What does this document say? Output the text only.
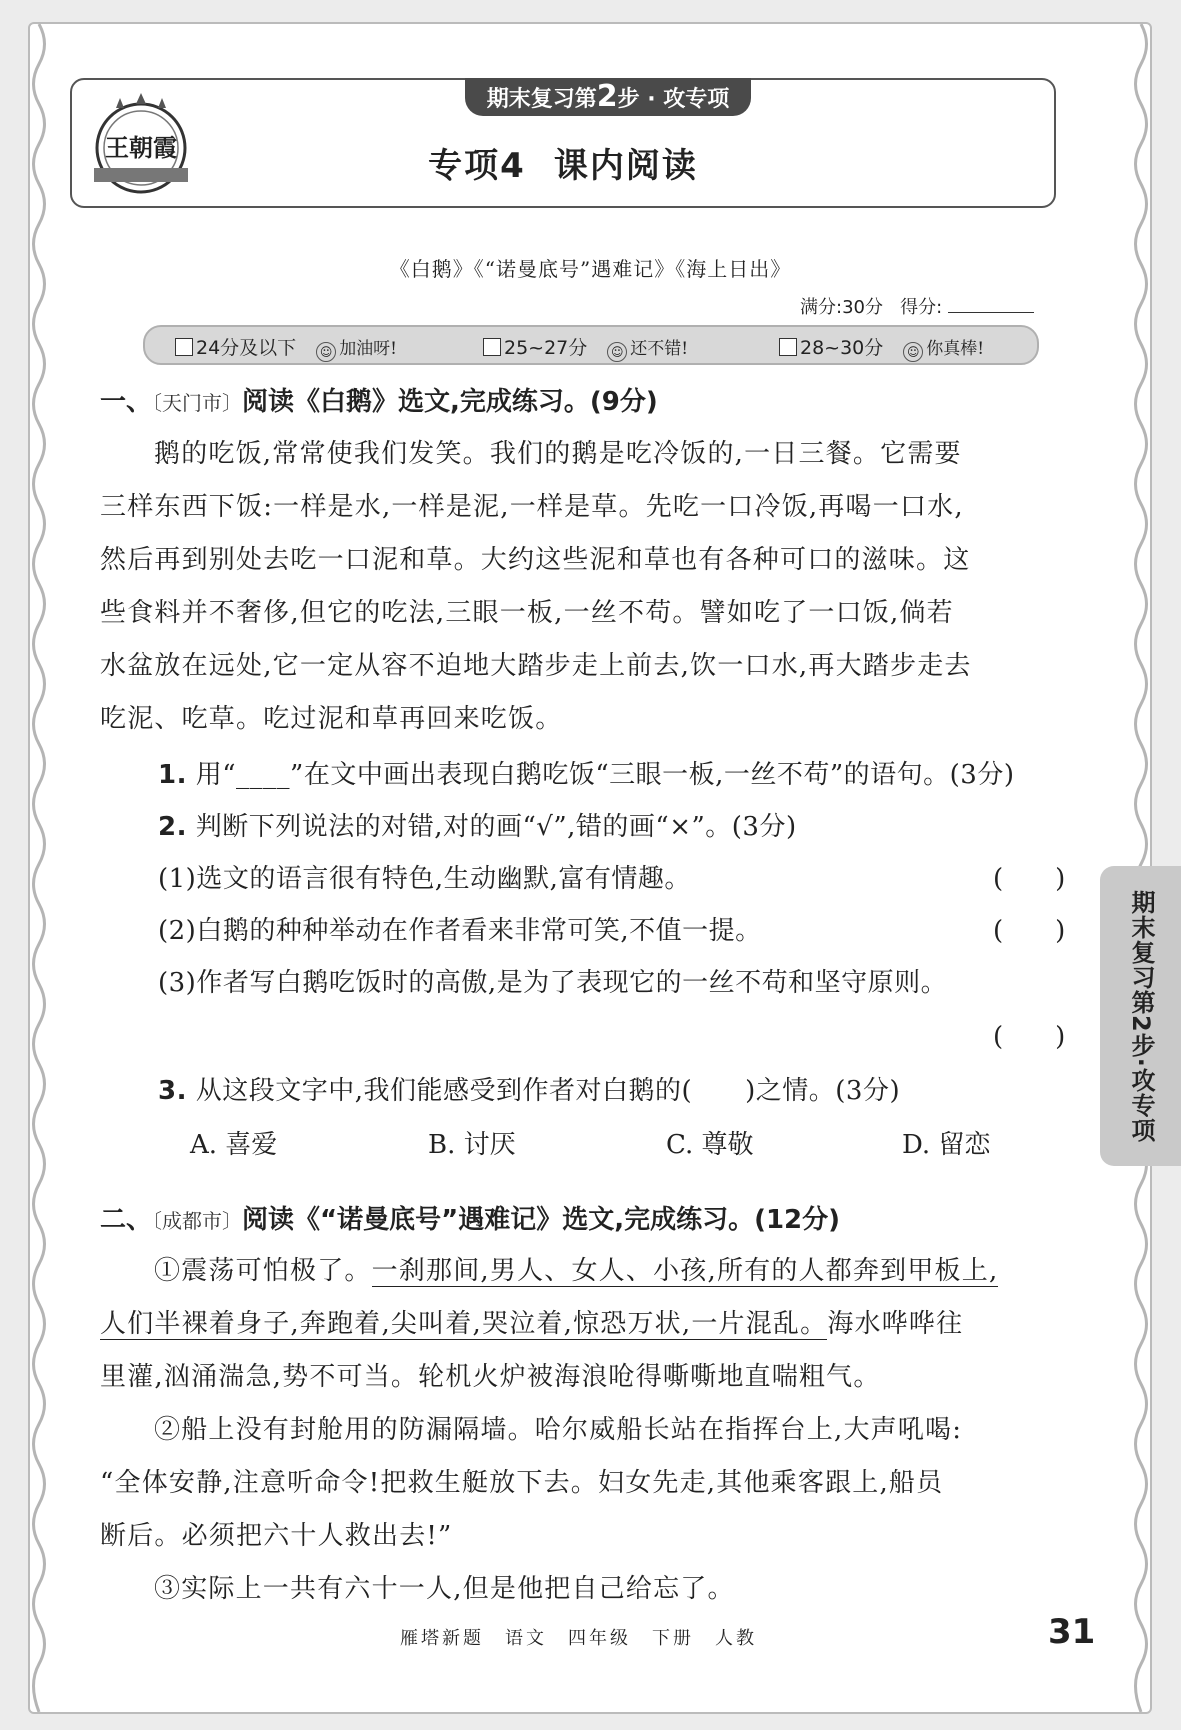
王朝霞
期末复习第2步 · 攻专项
专项4 课内阅读
《白鹅》《“诺曼底号”遇难记》《海上日出》
满分:30分 得分:
24分及以下 ☺ 加油呀!	25~27分 ☺ 还不错!	28~30分 ☺ 你真棒!
一、〔天门市〕阅读《白鹅》选文,完成练习。(9分)
鹅的吃饭,常常使我们发笑。我们的鹅是吃冷饭的,一日三餐。它需要
三样东西下饭:一样是水,一样是泥,一样是草。先吃一口冷饭,再喝一口水,
然后再到别处去吃一口泥和草。大约这些泥和草也有各种可口的滋味。这
些食料并不奢侈,但它的吃法,三眼一板,一丝不苟。譬如吃了一口饭,倘若
水盆放在远处,它一定从容不迫地大踏步走上前去,饮一口水,再大踏步走去
吃泥、吃草。吃过泥和草再回来吃饭。
1. 用“____”在文中画出表现白鹅吃饭“三眼一板,一丝不苟”的语句。(3分)
2. 判断下列说法的对错,对的画“√”,错的画“×”。(3分)
(1)选文的语言很有特色,生动幽默,富有情趣。	(　　)
(2)白鹅的种种举动在作者看来非常可笑,不值一提。	(　　)
(3)作者写白鹅吃饭时的高傲,是为了表现它的一丝不苟和坚守原则。
(　　)
3. 从这段文字中,我们能感受到作者对白鹅的(　　)之情。(3分)
A. 喜爱	B. 讨厌	C. 尊敬	D. 留恋
二、〔成都市〕阅读《“诺曼底号”遇难记》选文,完成练习。(12分)
①震荡可怕极了。一刹那间,男人、女人、小孩,所有的人都奔到甲板上,
人们半裸着身子,奔跑着,尖叫着,哭泣着,惊恐万状,一片混乱。海水哗哗往
里灌,汹涌湍急,势不可当。轮机火炉被海浪呛得嘶嘶地直喘粗气。
②船上没有封舱用的防漏隔墙。哈尔威船长站在指挥台上,大声吼喝:
“全体安静,注意听命令!把救生艇放下去。妇女先走,其他乘客跟上,船员
断后。必须把六十人救出去!”
③实际上一共有六十一人,但是他把自己给忘了。
期末复习第2步·攻专项
雁塔新题　语文　四年级　下册　人教	31
